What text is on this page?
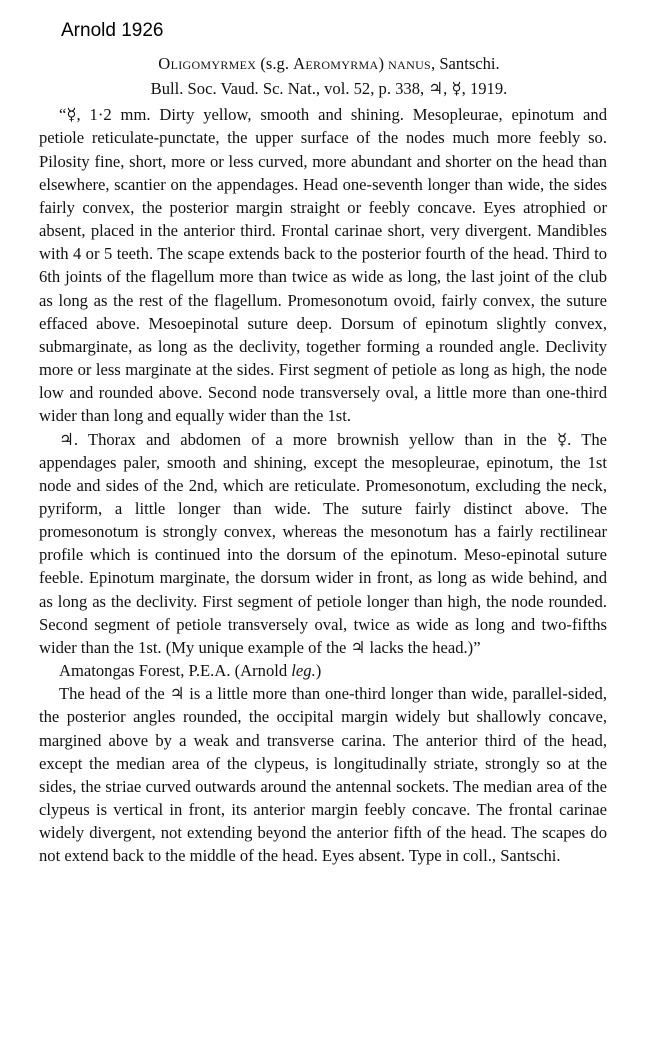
Arnold 1926

Oligomyrmex (s.g. Aeromyrma) nanus, Santschi.

Bull. Soc. Vaud. Sc. Nat., vol. 52, p. 338, ♃, ☿, 1919.

“☿, 1·2 mm. Dirty yellow, smooth and shining. Mesopleurae, epinotum and petiole reticulate-punctate, the upper surface of the nodes much more feebly so. Pilosity fine, short, more or less curved, more abundant and shorter on the head than elsewhere, scantier on the appendages. Head one-seventh longer than wide, the sides fairly convex, the posterior margin straight or feebly concave. Eyes atrophied or absent, placed in the anterior third. Frontal carinae short, very divergent. Mandibles with 4 or 5 teeth. The scape extends back to the posterior fourth of the head. Third to 6th joints of the flagellum more than twice as wide as long, the last joint of the club as long as the rest of the flagellum. Promesonotum ovoid, fairly convex, the suture effaced above. Mesoepinotal suture deep. Dorsum of epinotum slightly convex, submarginate, as long as the declivity, together forming a rounded angle. Declivity more or less marginate at the sides. First segment of petiole as long as high, the node low and rounded above. Second node transversely oval, a little more than one-third wider than long and equally wider than the 1st.

♃. Thorax and abdomen of a more brownish yellow than in the ☿. The appendages paler, smooth and shining, except the mesopleurae, epinotum, the 1st node and sides of the 2nd, which are reticulate. Promesonotum, excluding the neck, pyriform, a little longer than wide. The suture fairly distinct above. The promesonotum is strongly convex, whereas the mesonotum has a fairly rectilinear profile which is continued into the dorsum of the epinotum. Meso-epinotal suture feeble. Epinotum marginate, the dorsum wider in front, as long as wide behind, and as long as the declivity. First segment of petiole longer than high, the node rounded. Second segment of petiole transversely oval, twice as wide as long and two-fifths wider than the 1st. (My unique example of the ♃ lacks the head.)”

Amatongas Forest, P.E.A. (Arnold leg.)

The head of the ♃ is a little more than one-third longer than wide, parallel-sided, the posterior angles rounded, the occipital margin widely but shallowly concave, margined above by a weak and transverse carina. The anterior third of the head, except the median area of the clypeus, is longitudinally striate, strongly so at the sides, the striae curved outwards around the antennal sockets. The median area of the clypeus is vertical in front, its anterior margin feebly concave. The frontal carinae widely divergent, not extending beyond the anterior fifth of the head. The scapes do not extend back to the middle of the head. Eyes absent. Type in coll., Santschi.
